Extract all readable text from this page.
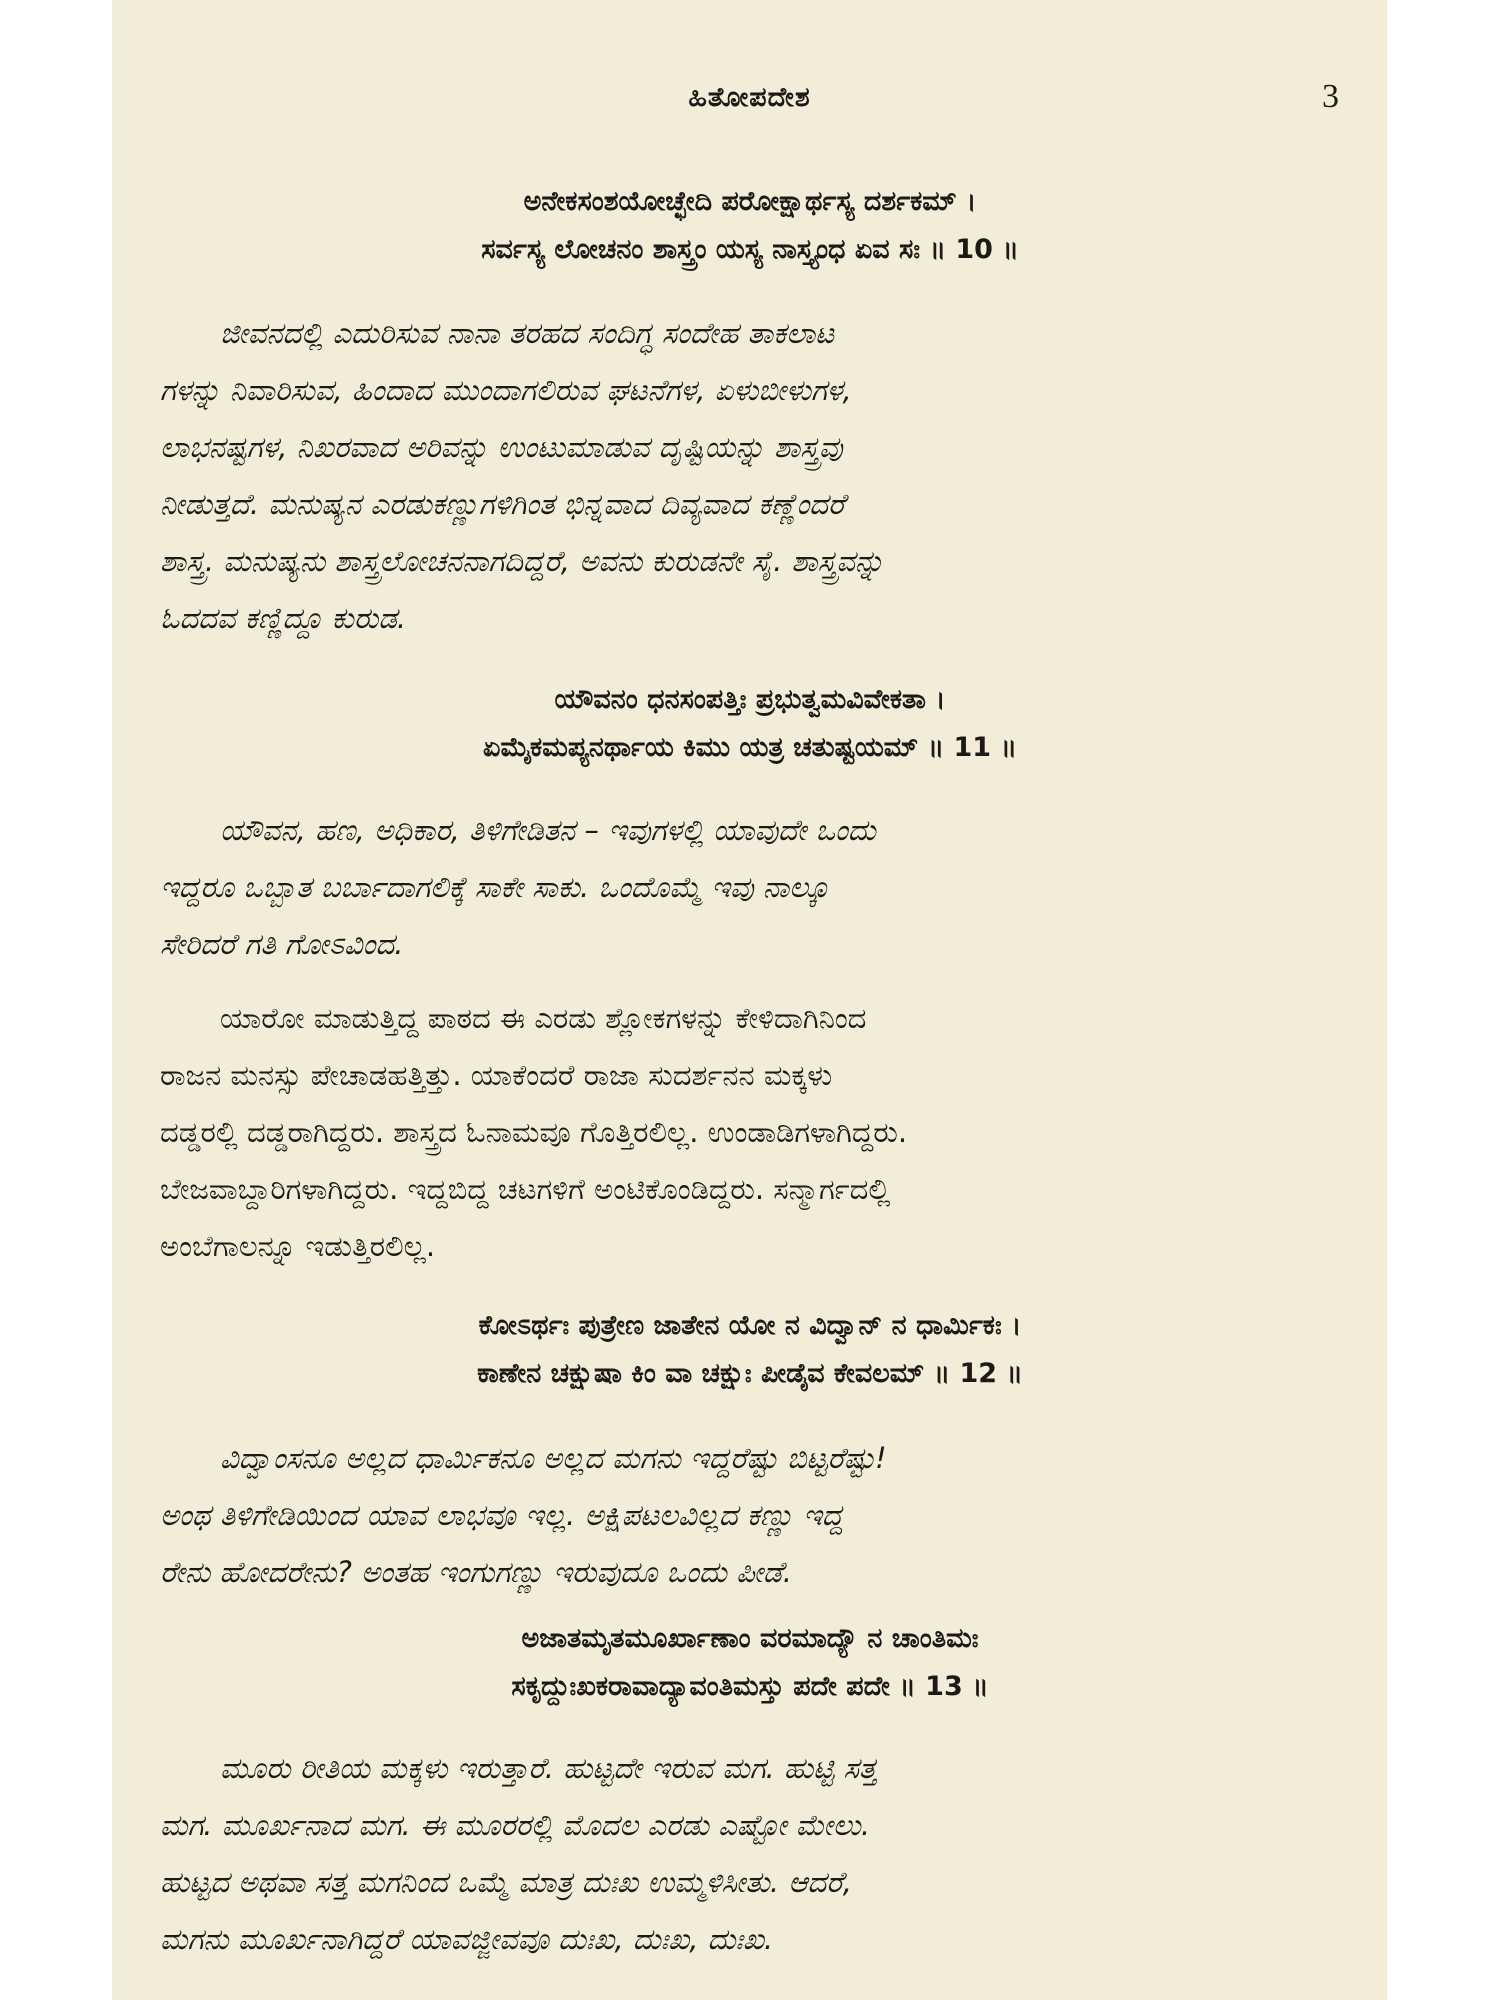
ಹಿತೋಪದೇಶ	3
ಅನೇಕಸಂಶಯೋಚ್ಛೇದಿ ಪರೋಕ್ಷಾರ್ಥಸ್ಯ ದರ್ಶಕಮ್ ।
ಸರ್ವಸ್ಯ ಲೋಚನಂ ಶಾಸ್ತ್ರಂ ಯಸ್ಯ ನಾಸ್ತ್ಯಂಧ ಏವ ಸಃ ॥ 10 ॥
ಜೀವನದಲ್ಲಿ ಎದುರಿಸುವ ನಾನಾ ತರಹದ ಸಂದಿಗ್ಧ ಸಂದೇಹ ತಾಕಲಾಟ
ಗಳನ್ನು ನಿವಾರಿಸುವ, ಹಿಂದಾದ ಮುಂದಾಗಲಿರುವ ಘಟನೆಗಳ, ಏಳುಬೀಳುಗಳ,
ಲಾಭನಷ್ಟಗಳ, ನಿಖರವಾದ ಅರಿವನ್ನು ಉಂಟುಮಾಡುವ ದೃಷ್ಟಿಯನ್ನು ಶಾಸ್ತ್ರವು
ನೀಡುತ್ತದೆ. ಮನುಷ್ಯನ ಎರಡುಕಣ್ಣುಗಳಿಗಿಂತ ಭಿನ್ನವಾದ ದಿವ್ಯವಾದ ಕಣ್ಣೆಂದರೆ
ಶಾಸ್ತ್ರ. ಮನುಷ್ಯನು ಶಾಸ್ತ್ರಲೋಚನನಾಗದಿದ್ದರೆ, ಅವನು ಕುರುಡನೇ ಸೈ. ಶಾಸ್ತ್ರವನ್ನು
ಓದದವ ಕಣ್ಣಿದ್ದೂ ಕುರುಡ.
ಯೌವನಂ ಧನಸಂಪತ್ತಿಃ ಪ್ರಭುತ್ವಮವಿವೇಕತಾ ।
ಏಮೈಕಮಪ್ಯನರ್ಥಾಯ ಕಿಮು ಯತ್ರ ಚತುಷ್ಟಯಮ್ ॥ 11 ॥
ಯೌವನ, ಹಣ, ಅಧಿಕಾರ, ತಿಳಿಗೇಡಿತನ – ಇವುಗಳಲ್ಲಿ ಯಾವುದೇ ಒಂದು
ಇದ್ದರೂ ಒಬ್ಬಾತ ಬರ್ಬಾದಾಗಲಿಕ್ಕೆ ಸಾಕೇ ಸಾಕು. ಒಂದೊಮ್ಮೆ ಇವು ನಾಲ್ಕೂ
ಸೇರಿದರೆ ಗತಿ ಗೋಽವಿಂದ.
ಯಾರೋ ಮಾಡುತ್ತಿದ್ದ ಪಾಠದ ಈ ಎರಡು ಶ್ಲೋಕಗಳನ್ನು ಕೇಳಿದಾಗಿನಿಂದ
ರಾಜನ ಮನಸ್ಸು ಪೇಚಾಡಹತ್ತಿತ್ತು. ಯಾಕೆಂದರೆ ರಾಜಾ ಸುದರ್ಶನನ ಮಕ್ಕಳು
ದಡ್ಡರಲ್ಲಿ ದಡ್ಡರಾಗಿದ್ದರು. ಶಾಸ್ತ್ರದ ಓನಾಮವೂ ಗೊತ್ತಿರಲಿಲ್ಲ. ಉಂಡಾಡಿಗಳಾಗಿದ್ದರು.
ಬೇಜವಾಬ್ದಾರಿಗಳಾಗಿದ್ದರು. ಇದ್ದಬಿದ್ದ ಚಟಗಳಿಗೆ ಅಂಟಿಕೊಂಡಿದ್ದರು. ಸನ್ಮಾರ್ಗದಲ್ಲಿ
ಅಂಬೆಗಾಲನ್ನೂ ಇಡುತ್ತಿರಲಿಲ್ಲ.
ಕೋಽರ್ಥಃ ಪುತ್ರೇಣ ಜಾತೇನ ಯೋ ನ ವಿದ್ವಾನ್ ನ ಧಾರ್ಮಿಕಃ ।
ಕಾಣೇನ ಚಕ್ಷುಷಾ ಕಿಂ ವಾ ಚಕ್ಷುಃ ಪೀಡೈವ ಕೇವಲಮ್ ॥ 12 ॥
ವಿದ್ವಾಂಸನೂ ಅಲ್ಲದ ಧಾರ್ಮಿಕನೂ ಅಲ್ಲದ ಮಗನು ಇದ್ದರೆಷ್ಟು ಬಿಟ್ಟರೆಷ್ಟು!
ಅಂಥ ತಿಳಿಗೇಡಿಯಿಂದ ಯಾವ ಲಾಭವೂ ಇಲ್ಲ. ಅಕ್ಷಿಪಟಲವಿಲ್ಲದ ಕಣ್ಣು ಇದ್ದ
ರೇನು ಹೋದರೇನು? ಅಂತಹ ಇಂಗುಗಣ್ಣು ಇರುವುದೂ ಒಂದು ಪೀಡೆ.
ಅಜಾತಮೃತಮೂರ್ಖಾಣಾಂ ವರಮಾದ್ಯೌ ನ ಚಾಂತಿಮಃ
ಸಕೃದ್ದುಃಖಕರಾವಾದ್ಯಾವಂತಿಮಸ್ತು ಪದೇ ಪದೇ ॥ 13 ॥
ಮೂರು ರೀತಿಯ ಮಕ್ಕಳು ಇರುತ್ತಾರೆ. ಹುಟ್ಟದೇ ಇರುವ ಮಗ. ಹುಟ್ಟಿ ಸತ್ತ
ಮಗ. ಮೂರ್ಖನಾದ ಮಗ. ಈ ಮೂರರಲ್ಲಿ ಮೊದಲ ಎರಡು ಎಷ್ಟೋ ಮೇಲು.
ಹುಟ್ಟದ ಅಥವಾ ಸತ್ತ ಮಗನಿಂದ ಒಮ್ಮೆ ಮಾತ್ರ ದುಃಖ ಉಮ್ಮಳಿಸೀತು. ಆದರೆ,
ಮಗನು ಮೂರ್ಖನಾಗಿದ್ದರೆ ಯಾವಜ್ಜೀವವೂ ದುಃಖ, ದುಃಖ, ದುಃಖ.
